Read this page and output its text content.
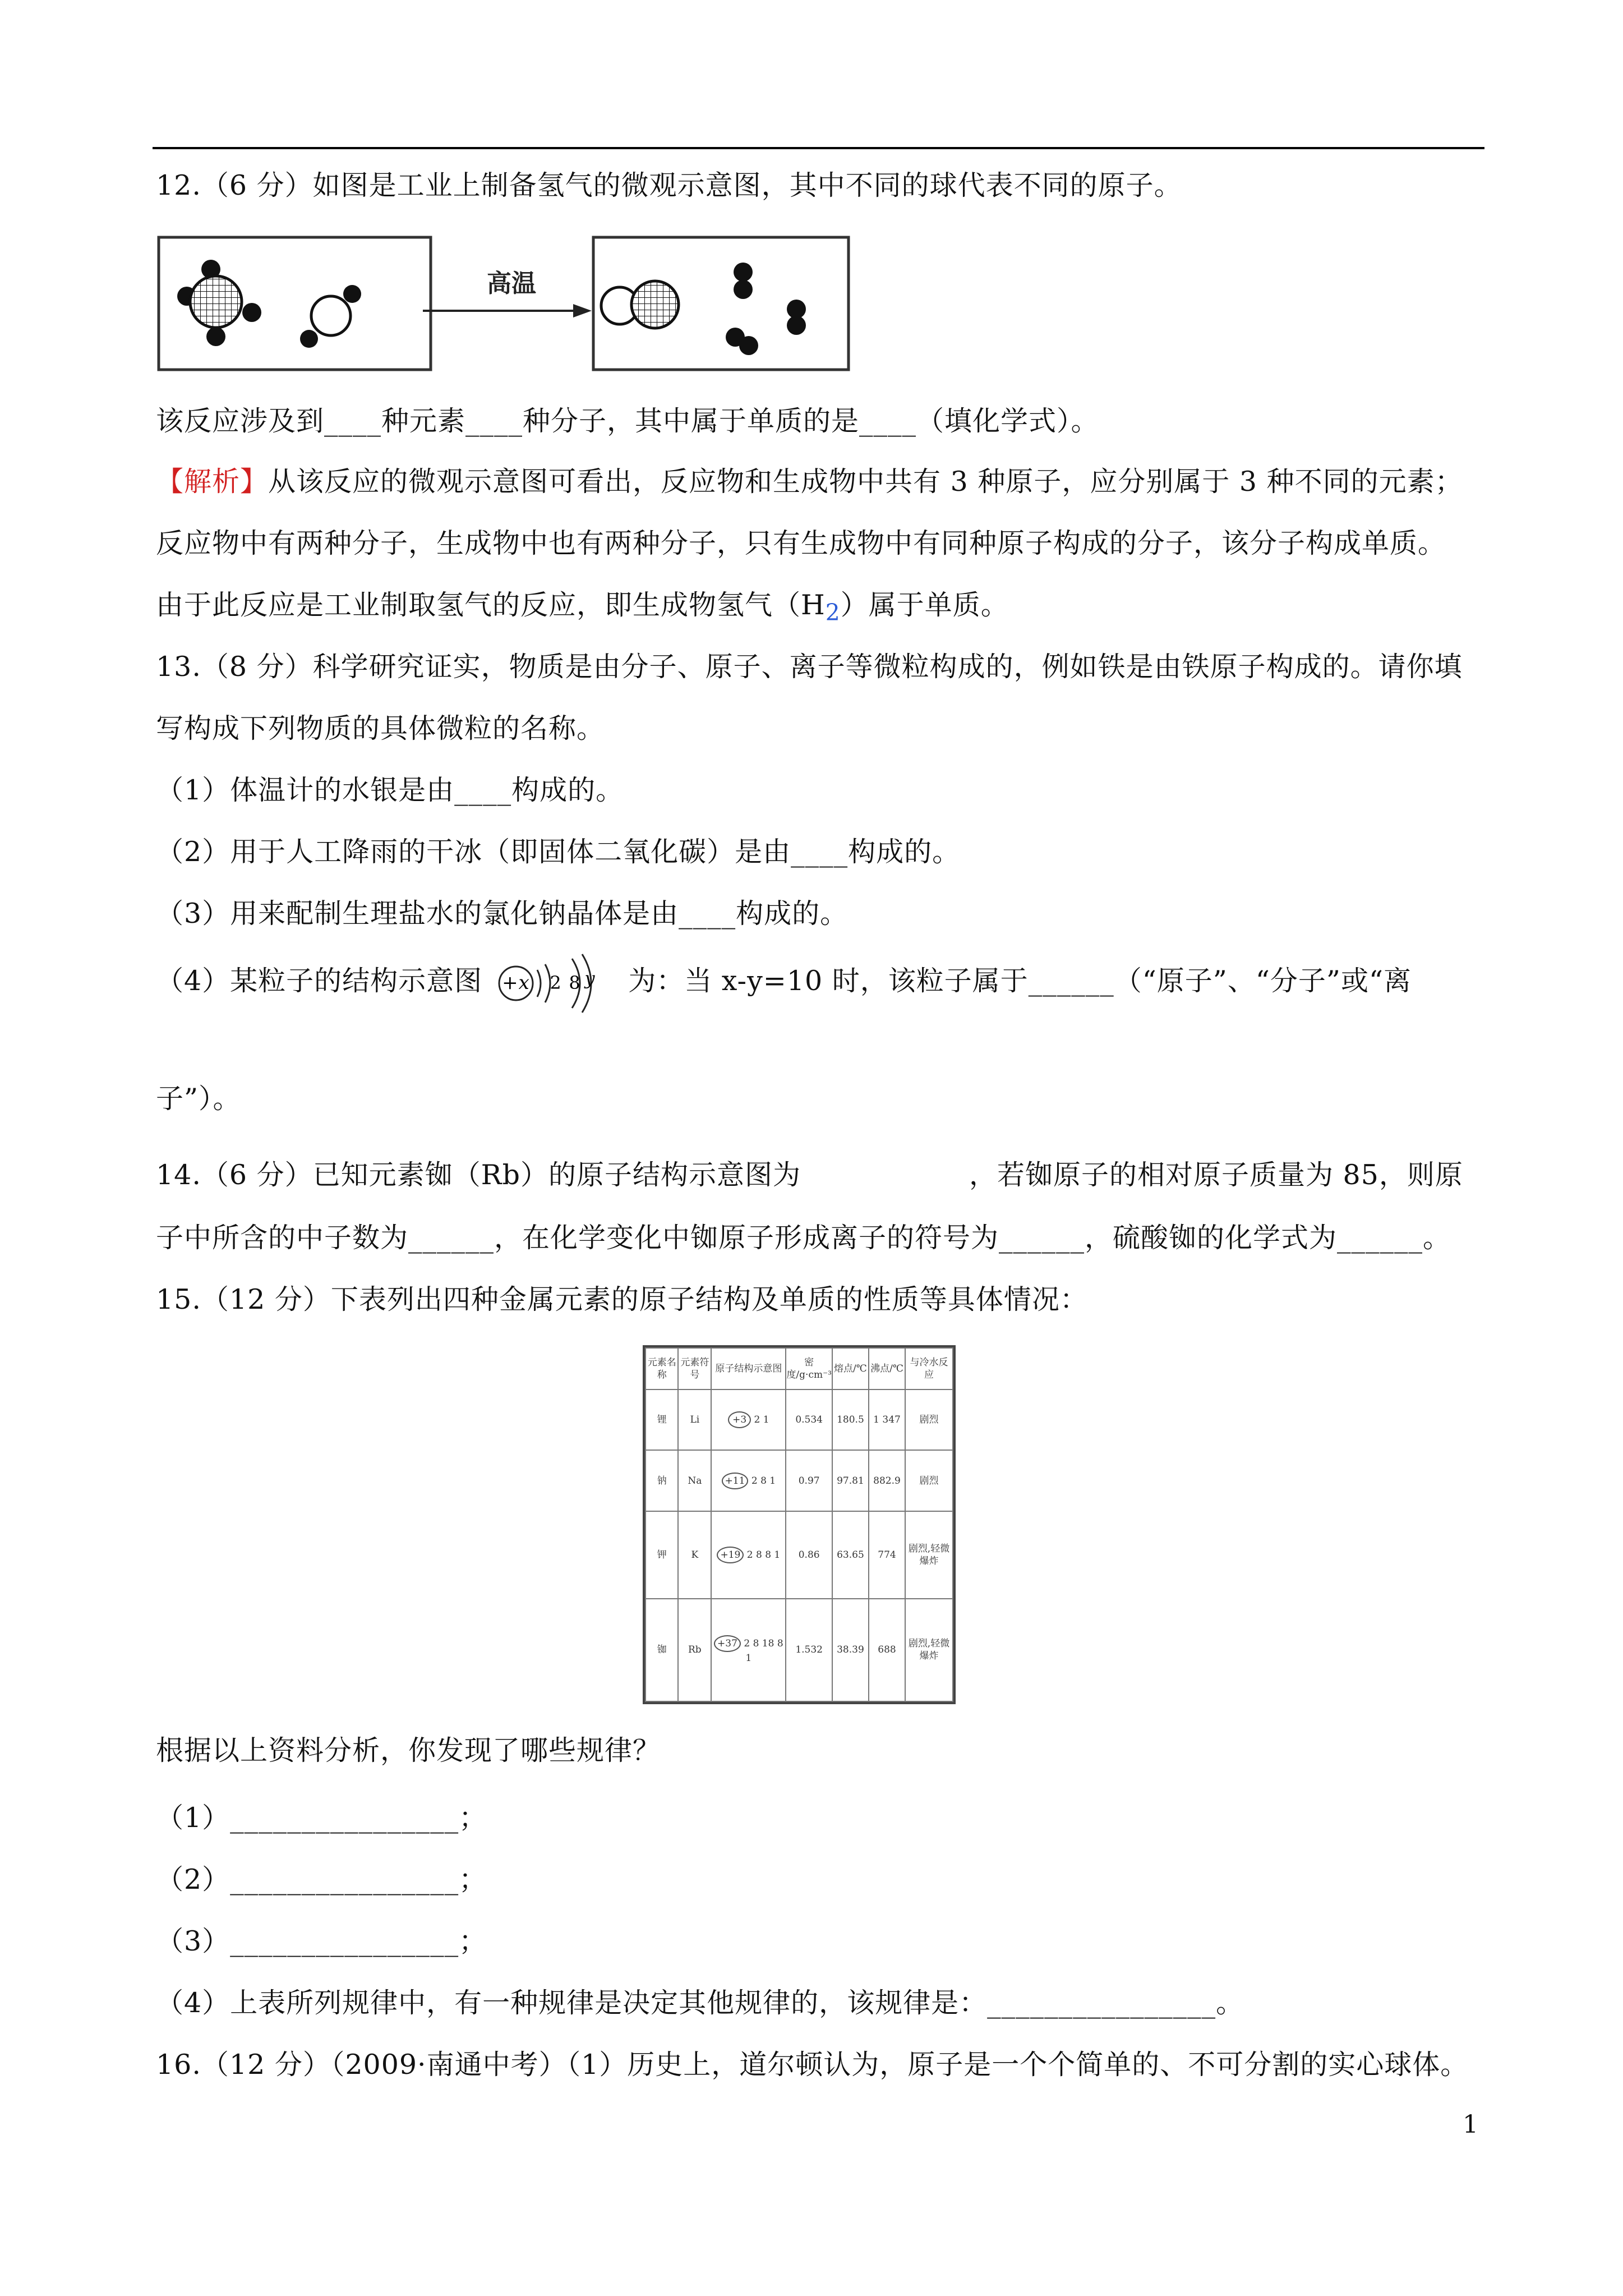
12.（6 分）如图是工业上制备氢气的微观示意图，其中不同的球代表不同的原子。
高温
该反应涉及到____种元素____种分子，其中属于单质的是____（填化学式）。
【解析】从该反应的微观示意图可看出，反应物和生成物中共有 3 种原子，应分别属于 3 种不同的元素；
反应物中有两种分子，生成物中也有两种分子，只有生成物中有同种原子构成的分子，该分子构成单质。
由于此反应是工业制取氢气的反应，即生成物氢气$(H_2)$属于单质。
13.（8 分）科学研究证实，物质是由分子、原子、离子等微粒构成的，例如铁是由铁原子构成的。请你填
写构成下列物质的具体微粒的名称。
（1）体温计的水银是由____构成的。
（2）用于人工降雨的干冰（即固体二氧化碳）是由____构成的。
（3）用来配制生理盐水的氯化钠晶体是由____构成的。
（4）某粒子的结构示意图 +x 2 8 y 为：当 x-y=10 时，该粒子属于______（“原子”、“分子”或“离
子”）。
14.（6 分）已知元素铷（Rb）的原子结构示意图为	，若铷原子的相对原子质量为 85，则原
子中所含的中子数为______，在化学变化中铷原子形成离子的符号为______，硫酸铷的化学式为______。
15.（12 分）下表列出四种金属元素的原子结构及单质的性质等具体情况：
元素名称	元素符号	原子结构示意图	密度/g·cm⁻³	熔点/℃	沸点/℃	与冷水反应
锂	Li	+3 2 1	0.534	180.5	1 347	剧烈
钠	Na	+11 2 8 1	0.97	97.81	882.9	剧烈
钾	K	+19 2 8 8 1	0.86	63.65	774	剧烈,轻微爆炸
铷	Rb	+37 2 8 18 8 1	1.532	38.39	688	剧烈,轻微爆炸
根据以上资料分析，你发现了哪些规律？
（1）________________；
（2）________________；
（3）________________；
（4）上表所列规律中，有一种规律是决定其他规律的，该规律是：________________。
16.（12 分）（2009·南通中考）（1）历史上，道尔顿认为，原子是一个个简单的、不可分割的实心球体。
1
